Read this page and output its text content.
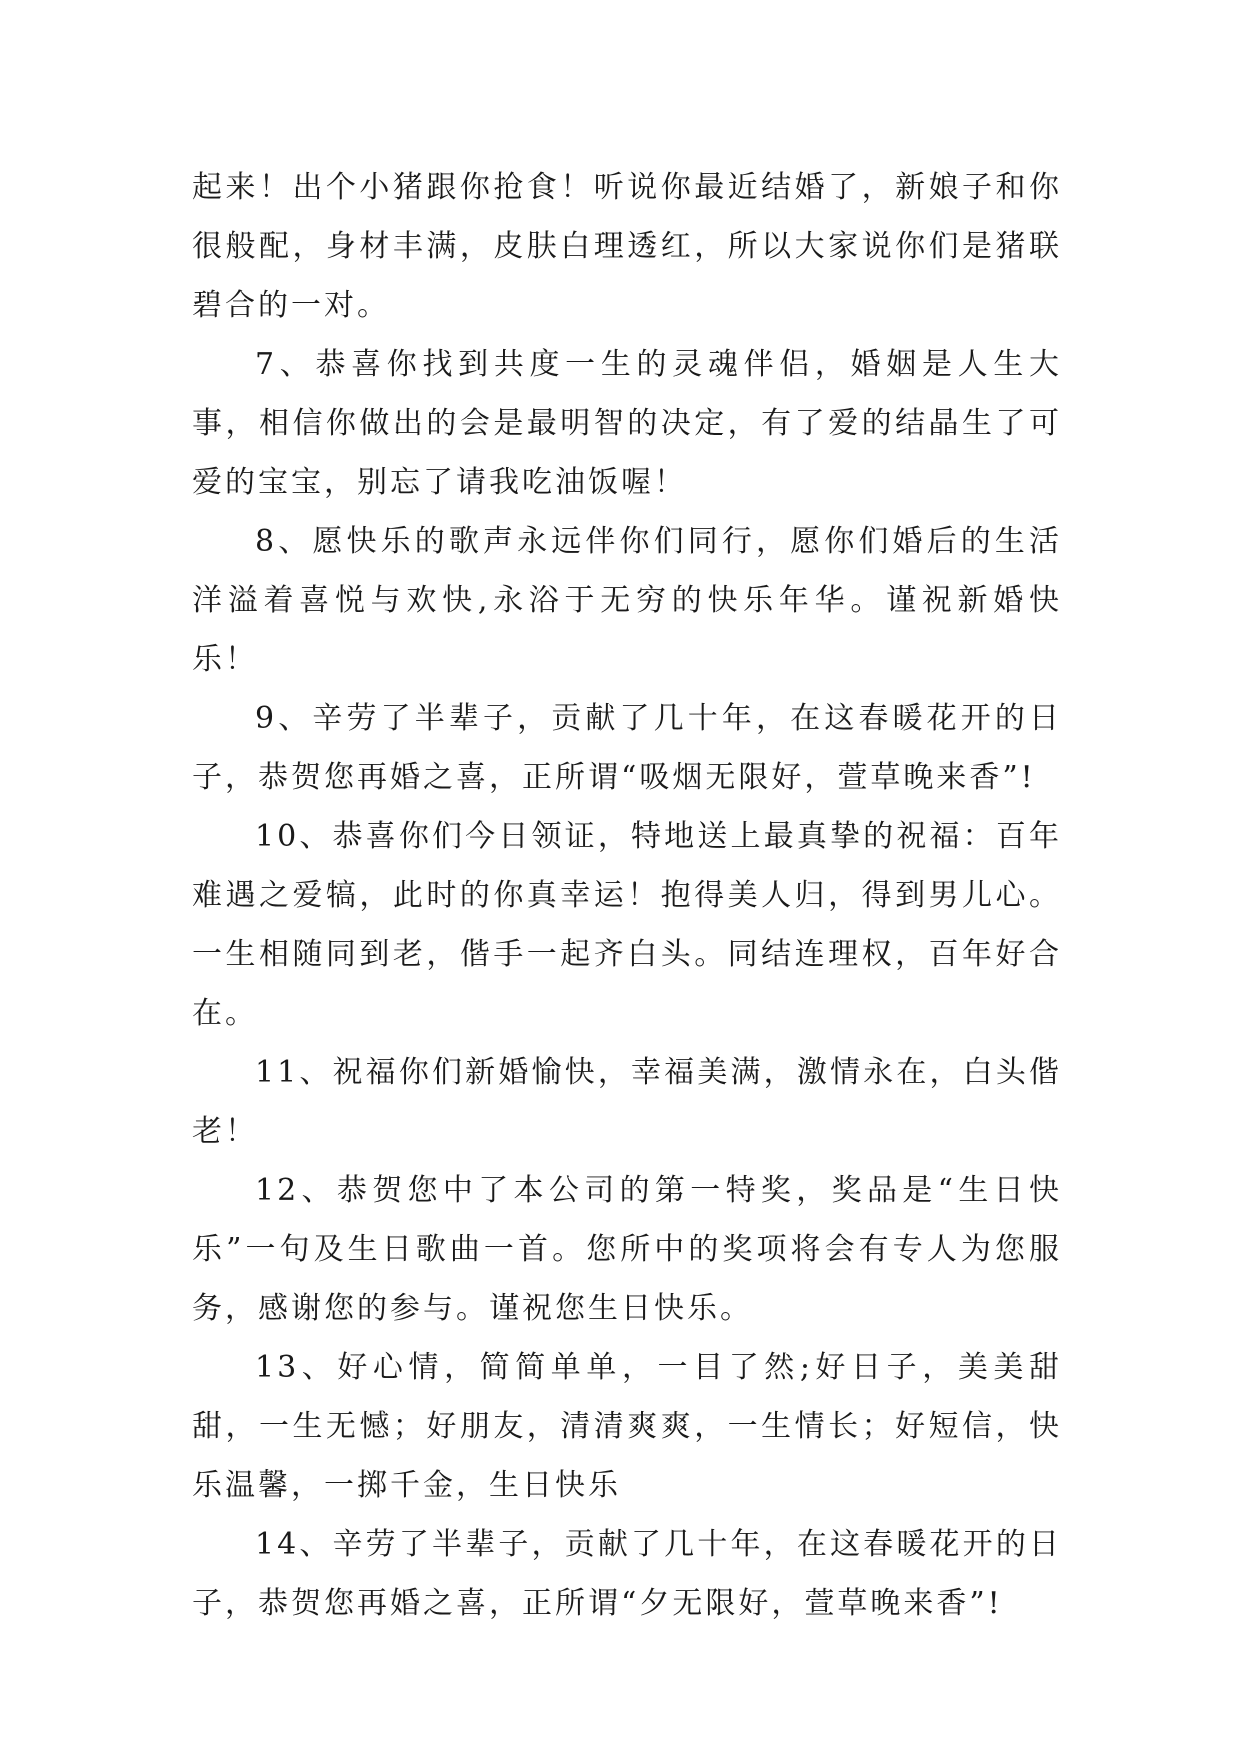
起来！出个小猪跟你抢食！听说你最近结婚了，新娘子和你很般配，身材丰满，皮肤白理透红，所以大家说你们是猪联碧合的一对。

7、恭喜你找到共度一生的灵魂伴侣，婚姻是人生大事，相信你做出的会是最明智的决定，有了爱的结晶生了可爱的宝宝，别忘了请我吃油饭喔！

8、愿快乐的歌声永远伴你们同行，愿你们婚后的生活洋溢着喜悦与欢快,永浴于无穷的快乐年华。谨祝新婚快乐！

9、辛劳了半辈子，贡献了几十年，在这春暖花开的日子，恭贺您再婚之喜，正所谓“吸烟无限好，萱草晚来香”!

10、恭喜你们今日领证，特地送上最真挚的祝福：百年难遇之爱犒，此时的你真幸运！抱得美人归，得到男儿心。一生相随同到老，偕手一起齐白头。同结连理权，百年好合在。

11、祝福你们新婚愉快，幸福美满，激情永在，白头偕老！

12、恭贺您中了本公司的第一特奖，奖品是“生日快乐”一句及生日歌曲一首。您所中的奖项将会有专人为您服务，感谢您的参与。谨祝您生日快乐。

13、好心情，简简单单，一目了然;好日子，美美甜甜，一生无憾；好朋友，清清爽爽，一生情长；好短信，快乐温馨，一掷千金，生日快乐

14、辛劳了半辈子，贡献了几十年，在这春暖花开的日子，恭贺您再婚之喜，正所谓“夕无限好，萱草晚来香”!
